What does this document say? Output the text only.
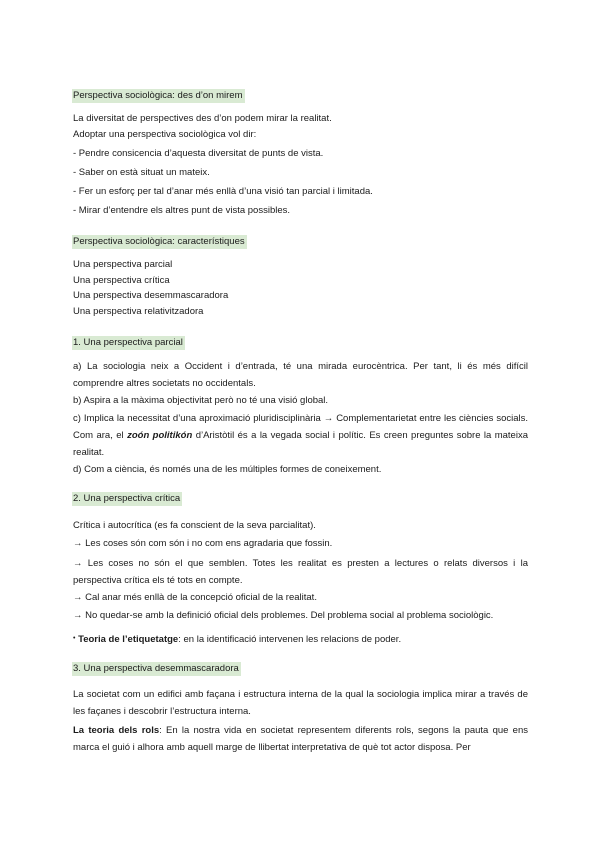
Perspectiva sociològica: des d’on mirem
La diversitat de perspectives des d’on podem mirar la realitat.
Adoptar una perspectiva sociològica vol dir:
- Pendre consicencia d’aquesta diversitat de punts de vista.
- Saber on està situat un mateix.
- Fer un esforç per tal d’anar més enllà d’una visió tan parcial i limitada.
- Mirar d’entendre els altres punt de vista possibles.
Perspectiva sociològica: característiques
Una perspectiva parcial
Una perspectiva crítica
Una perspectiva desemmascaradora
Una perspectiva relativitzadora
1. Una perspectiva parcial

a) La sociologia neix a Occident i d’entrada, té una mirada eurocèntrica. Per tant, li és més difícil comprendre altres societats no occidentals.

b) Aspira a la màxima objectivitat però no té una visió global.

c) Implica la necessitat d’una aproximació pluridisciplinària → Complementarietat entre les ciències socials. Com ara, el zoón politikón d’Aristòtil és a la vegada social i polític. Es creen preguntes sobre la mateixa realitat.

d) Com a ciència, és només una de les múltiples formes de coneixement.

2. Una perspectiva crítica
Crítica i autocrítica (es fa conscient de la seva parcialitat).
→ Les coses són com són i no com ens agradaria que fossin.

→ Les coses no són el que semblen. Totes les realitat es presten a lectures o relats diversos i la perspectiva crítica els té tots en compte.

→ Cal anar més enllà de la concepció oficial de la realitat.
→ No quedar-se amb la definició oficial dels problemes. Del problema social al problema sociològic.
• Teoria de l’etiquetatge: en la identificació intervenen les relacions de poder.
3. Una perspectiva desemmascaradora

La societat com un edifici amb façana i estructura interna de la qual la sociologia implica mirar a través de les façanes i descobrir l’estructura interna.

La teoria dels rols: En la nostra vida en societat representem diferents rols, segons la pauta que ens marca el guió i alhora amb aquell marge de llibertat interpretativa de què tot actor disposa. Per
